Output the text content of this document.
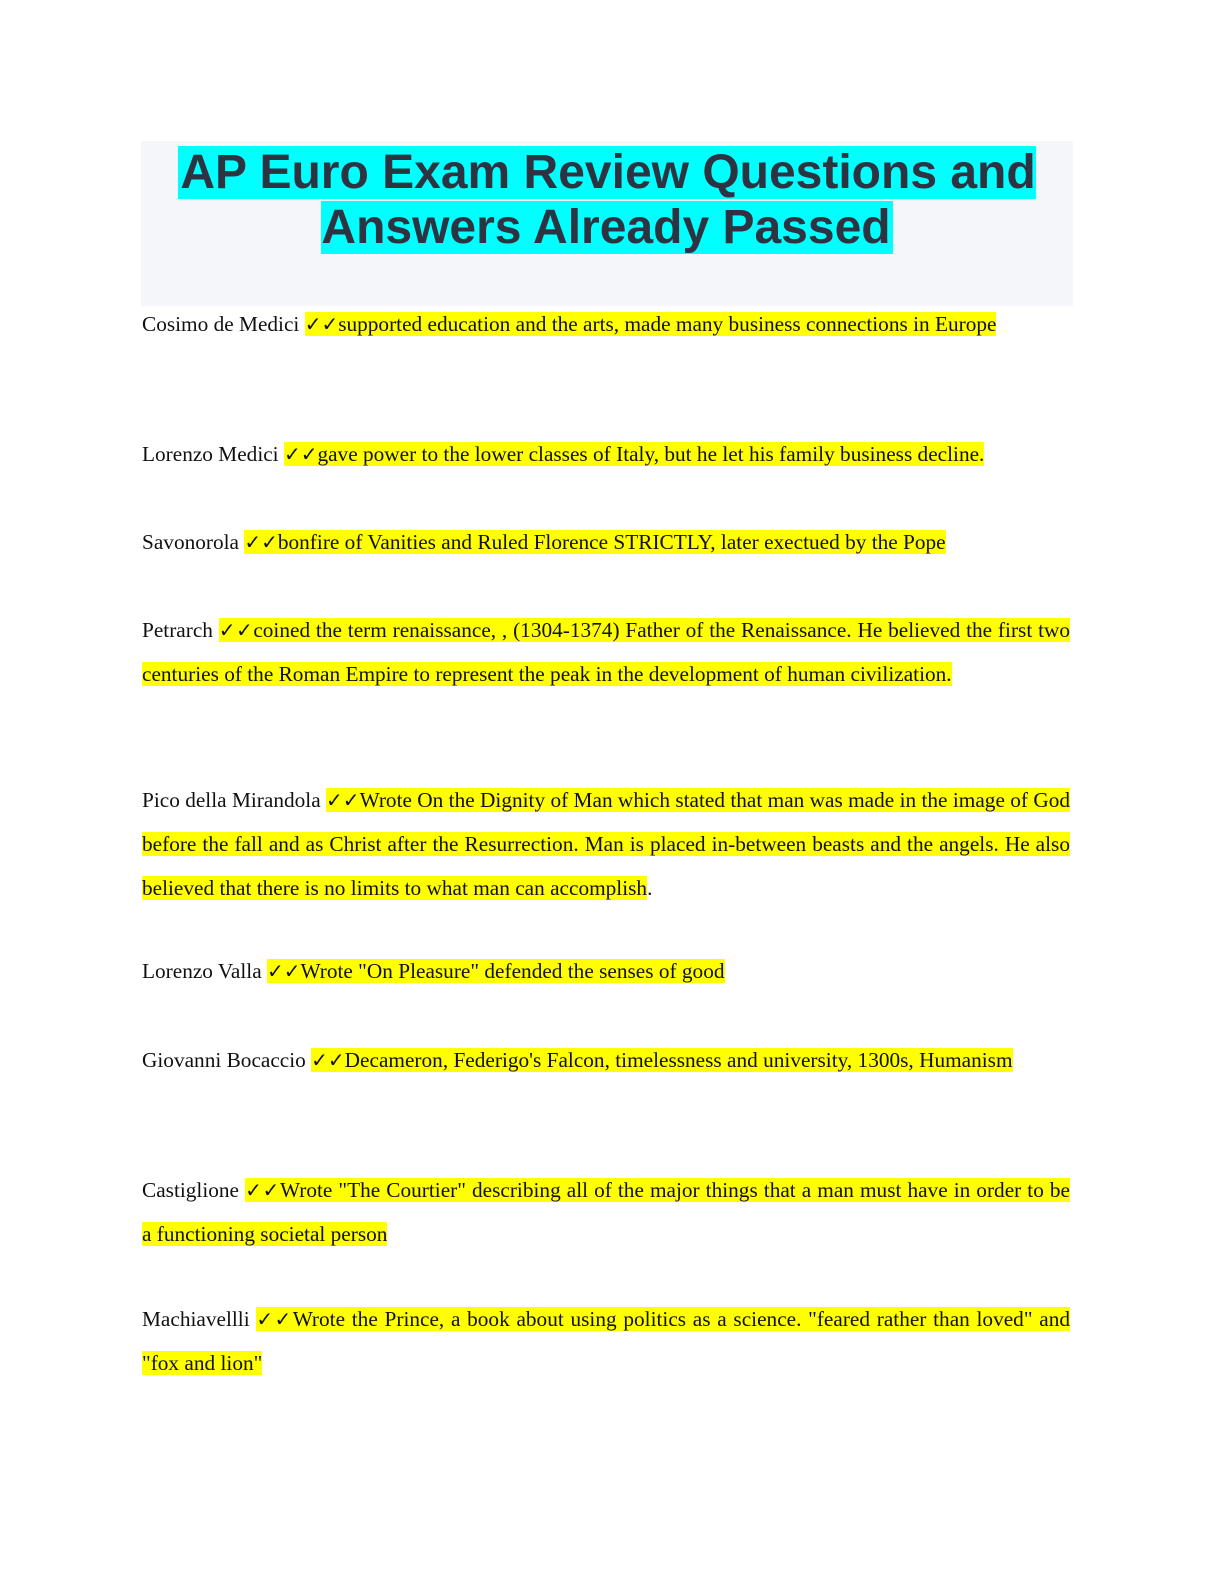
AP Euro Exam Review Questions and Answers Already Passed

Cosimo de Medici ✓✓supported education and the arts, made many business connections in Europe

Lorenzo Medici ✓✓gave power to the lower classes of Italy, but he let his family business decline.

Savonorola ✓✓bonfire of Vanities and Ruled Florence STRICTLY, later exectued by the Pope

Petrarch ✓✓coined the term renaissance, , (1304-1374) Father of the Renaissance. He believed the first two centuries of the Roman Empire to represent the peak in the development of human civilization.

Pico della Mirandola ✓✓Wrote On the Dignity of Man which stated that man was made in the image of God before the fall and as Christ after the Resurrection. Man is placed in-between beasts and the angels. He also believed that there is no limits to what man can accomplish.

Lorenzo Valla ✓✓Wrote "On Pleasure" defended the senses of good

Giovanni Bocaccio ✓✓Decameron, Federigo's Falcon, timelessness and university, 1300s, Humanism

Castiglione ✓✓Wrote "The Courtier" describing all of the major things that a man must have in order to be a functioning societal person

Machiavellli ✓✓Wrote the Prince, a book about using politics as a science. "feared rather than loved" and "fox and lion"
